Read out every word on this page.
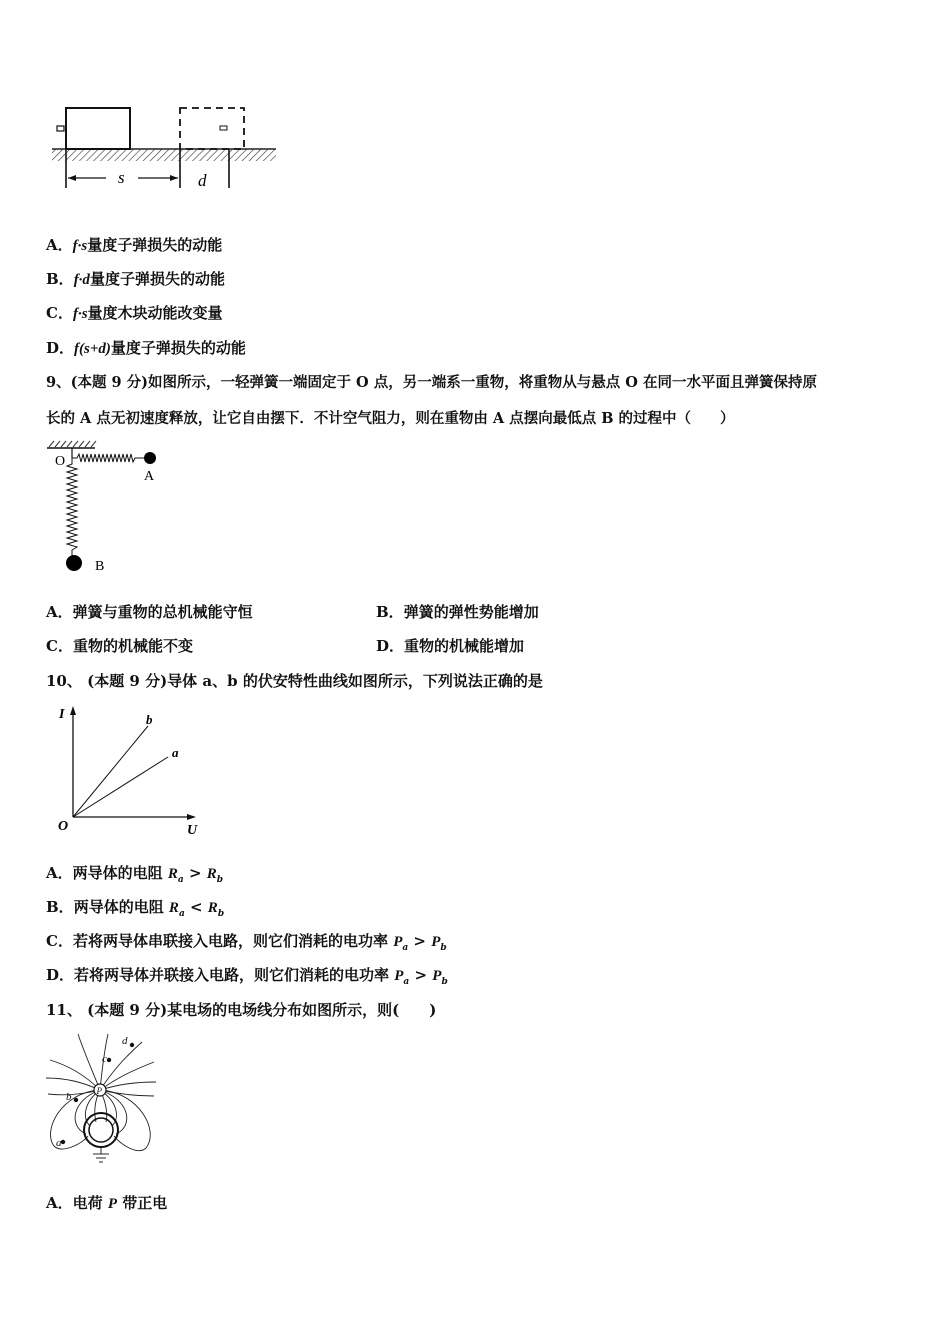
s	d
A．f·s量度子弹损失的动能
B．f·d量度子弹损失的动能
C．f·s量度木块动能改变量
D．f(s+d)量度子弹损失的动能
9、(本题 9 分)如图所示，一轻弹簧一端固定于 O 点，另一端系一重物，将重物从与悬点 O 在同一水平面且弹簧保持原
长的 A 点无初速度释放，让它自由摆下．不计空气阻力，则在重物由 A 点摆向最低点 B 的过程中（　　）
O
A
B
A．弹簧与重物的总机械能守恒	B．弹簧的弹性势能增加
C．重物的机械能不变	D．重物的机械能增加
10、 (本题 9 分)导体 a、b 的伏安特性曲线如图所示，下列说法正确的是
I
U
O
b
a
A．两导体的电阻 $R_a > R_b$
B．两导体的电阻 $R_a < R_b$
C．若将两导体串联接入电路，则它们消耗的电功率 $P_a > P_b$
D．若将两导体并联接入电路，则它们消耗的电功率 $P_a > P_b$
11、 (本题 9 分)某电场的电场线分布如图所示，则(　　)
P
a
b
c
d
A．电荷 P 带正电
